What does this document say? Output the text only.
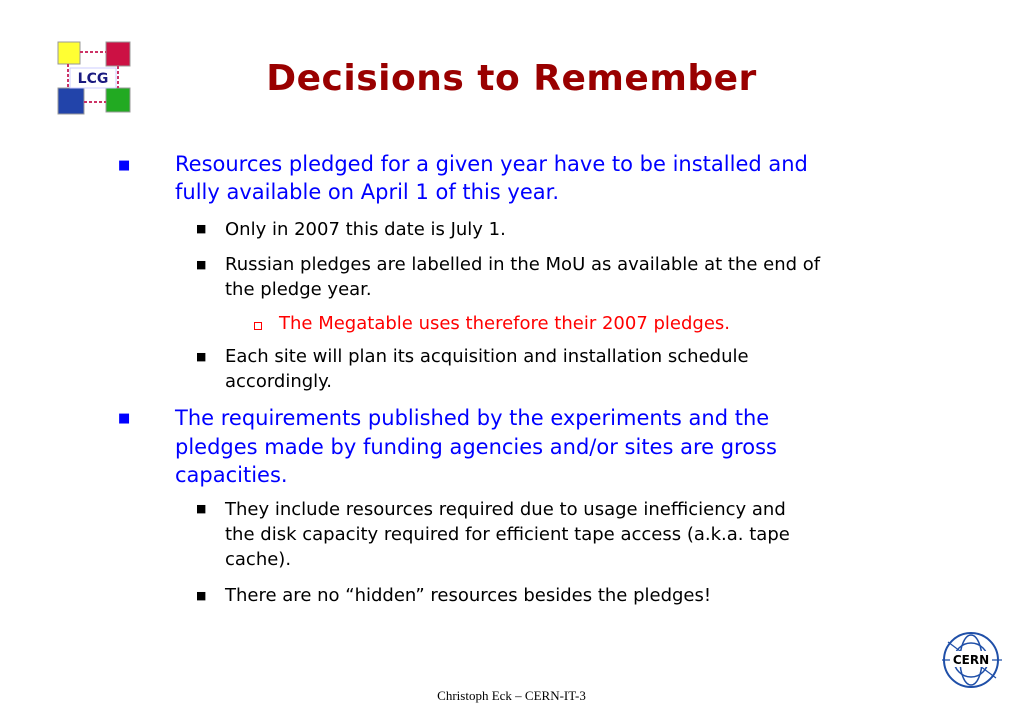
LCG	Decisions to Remember
■ Resources pledged for a given year have to be installed and
fully available on April 1 of this year.
■ Only in 2007 this date is July 1.
■ Russian pledges are labelled in the MoU as available at the end of
the pledge year.
The Megatable uses therefore their 2007 pledges.
■ Each site will plan its acquisition and installation schedule
accordingly.
■ The requirements published by the experiments and the
pledges made by funding agencies and/or sites are gross
capacities.
■ They include resources required due to usage inefficiency and
the disk capacity required for efficient tape access (a.k.a. tape
cache).
■ There are no “hidden” resources besides the pledges!
CERN
Christoph Eck – CERN-IT-3
